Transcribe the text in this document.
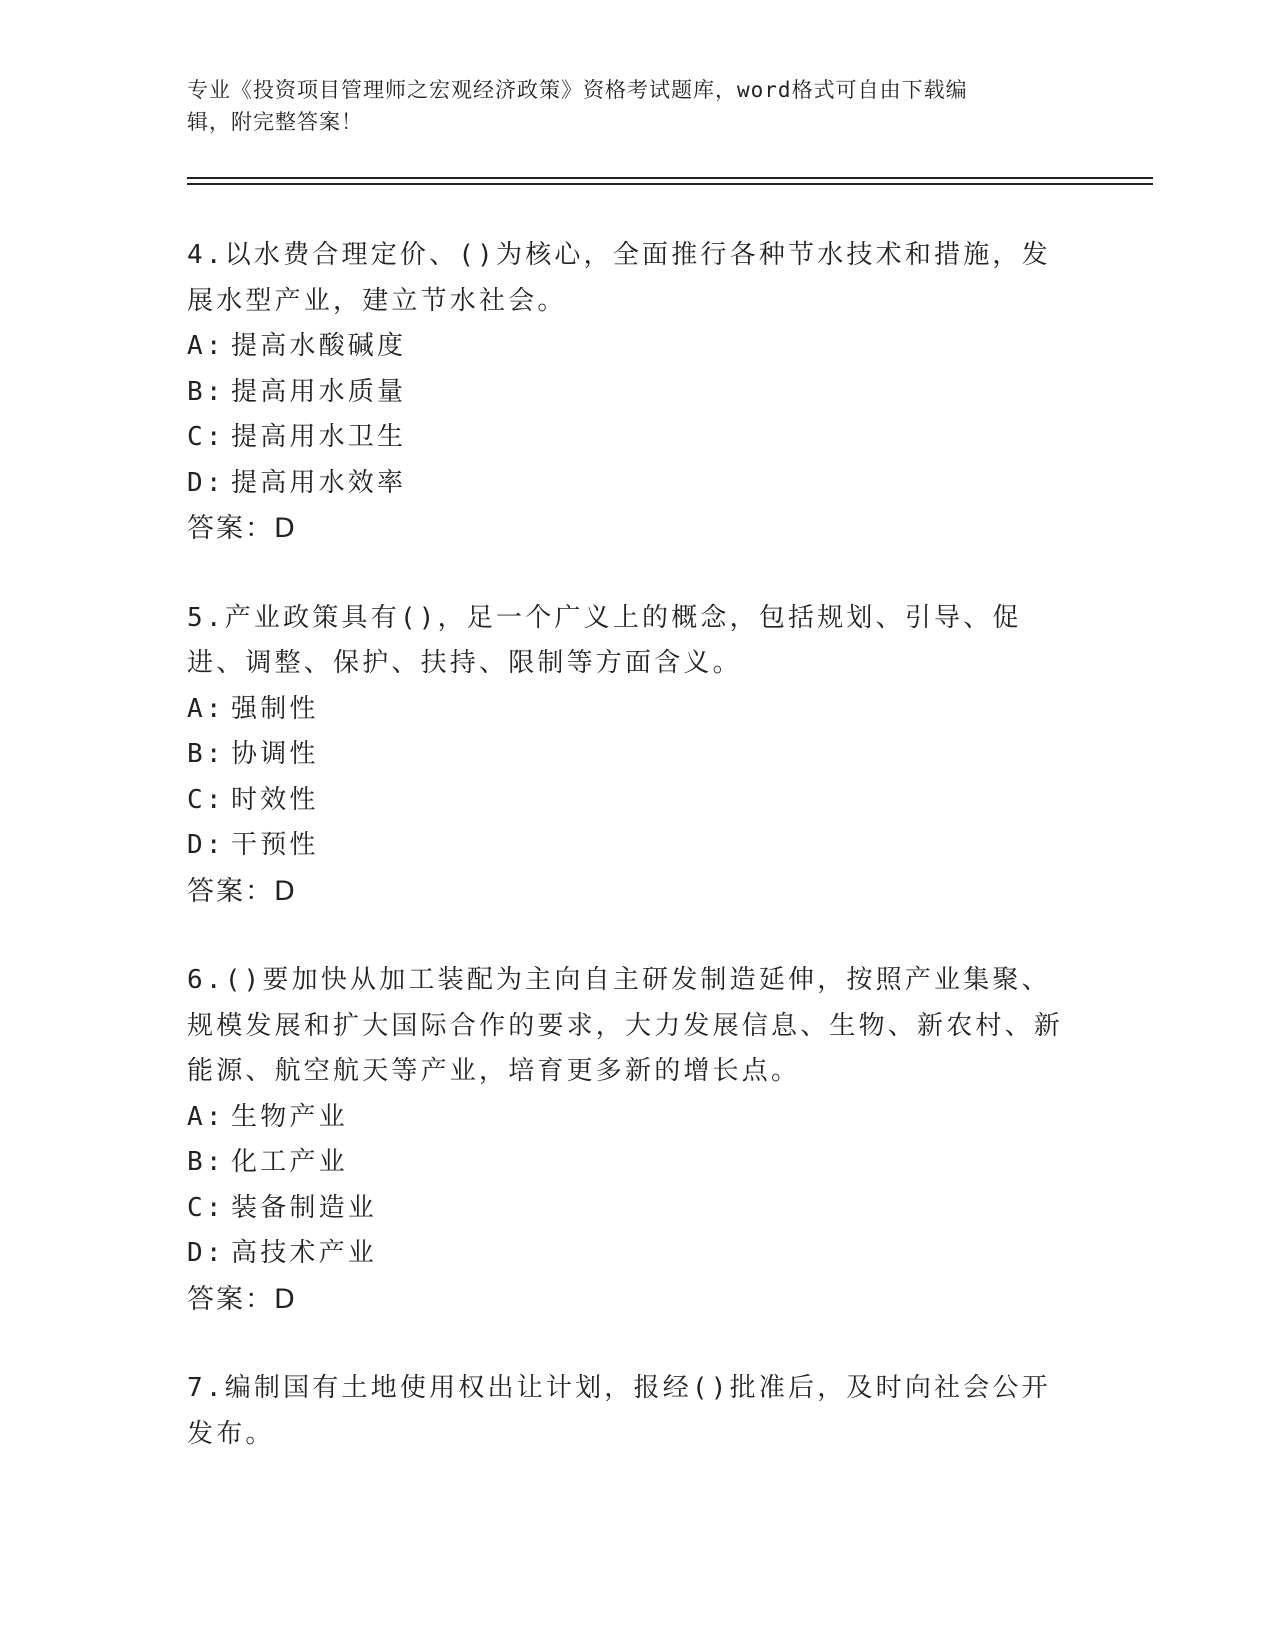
专业《投资项目管理师之宏观经济政策》资格考试题库，word格式可自由下载编
辑，附完整答案！
4.以水费合理定价、()为核心，全面推行各种节水技术和措施，发展水型产业，建立节水社会。
A: 提高水酸碱度
B: 提高用水质量
C: 提高用水卫生
D: 提高用水效率
答案：D
5.产业政策具有()，足一个广义上的概念，包括规划、引导、促进、调整、保护、扶持、限制等方面含义。
A: 强制性
B: 协调性
C: 时效性
D: 干预性
答案：D
6.()要加快从加工装配为主向自主研发制造延伸，按照产业集聚、规模发展和扩大国际合作的要求，大力发展信息、生物、新农村、新能源、航空航天等产业，培育更多新的增长点。
A: 生物产业
B: 化工产业
C: 装备制造业
D: 高技术产业
答案：D
7.编制国有土地使用权出让计划，报经()批准后，及时向社会公开发布。
